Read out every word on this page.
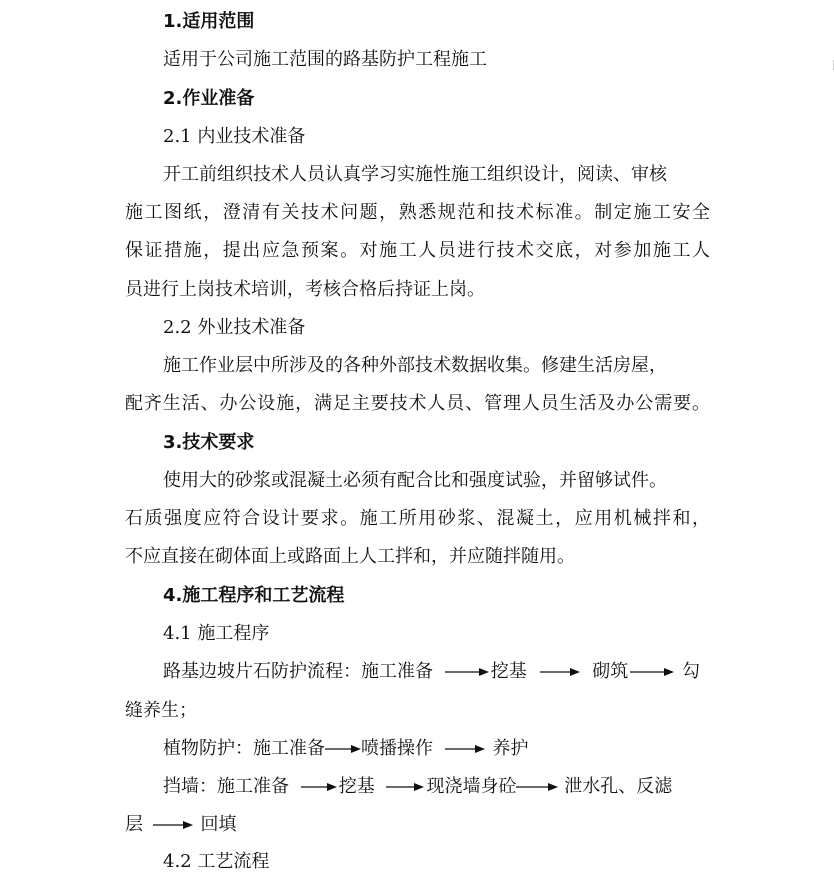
1.适用范围
适用于公司施工范围的路基防护工程施工
2.作业准备
2.1 内业技术准备
开工前组织技术人员认真学习实施性施工组织设计，阅读、审核
施工图纸，澄清有关技术问题，熟悉规范和技术标准。制定施工安全
保证措施，提出应急预案。对施工人员进行技术交底，对参加施工人
员进行上岗技术培训，考核合格后持证上岗。
2.2 外业技术准备
施工作业层中所涉及的各种外部技术数据收集。修建生活房屋，
配齐生活、办公设施，满足主要技术人员、管理人员生活及办公需要。
3.技术要求
使用大的砂浆或混凝土必须有配合比和强度试验，并留够试件。
石质强度应符合设计要求。施工所用砂浆、混凝土，应用机械拌和，
不应直接在砌体面上或路面上人工拌和，并应随拌随用。
4.施工程序和工艺流程
4.1 施工程序
路基边坡片石防护流程：施工准备	挖基	砌筑	勾
缝养生；
植物防护：施工准备 喷播操作	养护
挡墙：施工准备	挖基	现浇墙身砼	泄水孔、反滤
层	回填
4.2 工艺流程
